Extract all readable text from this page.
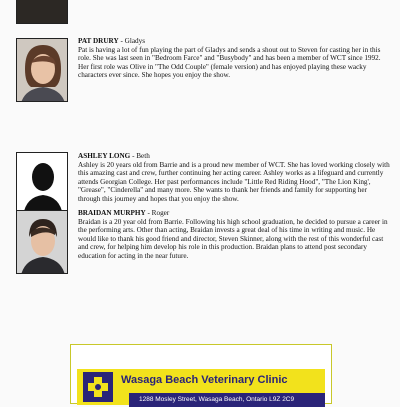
PAT DRURY - Gladys

Pat is having a lot of fun playing the part of Gladys and sends a shout out to Steven for casting her in this role. She was last seen in "Bedroom Farce" and "Busybody" and has been a member of WCT since 1992. Her first role was Olive in "The Odd Couple" (female version) and has enjoyed playing these wacky characters ever since. She hopes you enjoy the show.

ASHLEY LONG - Beth

Ashley is 20 years old from Barrie and is a proud new member of WCT. She has loved working closely with this amazing cast and crew, further continuing her acting career. Ashley works as a lifeguard and currently attends Georgian College. Her past performances include "Little Red Riding Hood", "The Lion King', "Grease", "Cinderella" and many more. She wants to thank her friends and family for supporting her through this journey and hopes that you enjoy the show.

BRAIDAN MURPHY - Roger

Braidan is a 20 year old from Barrie. Following his high school graduation, he decided to pursue a career in the performing arts. Other than acting, Braidan invests a great deal of his time in writing and music. He would like to thank his good friend and director, Steven Skinner, along with the rest of this wonderful cast and crew, for helping him develop his role in this production. Braidan plans to attend post secondary education for acting in the near future.

Wasaga Beach Veterinary Clinic
1288 Mosley Street, Wasaga Beach, Ontario L9Z 2C9
